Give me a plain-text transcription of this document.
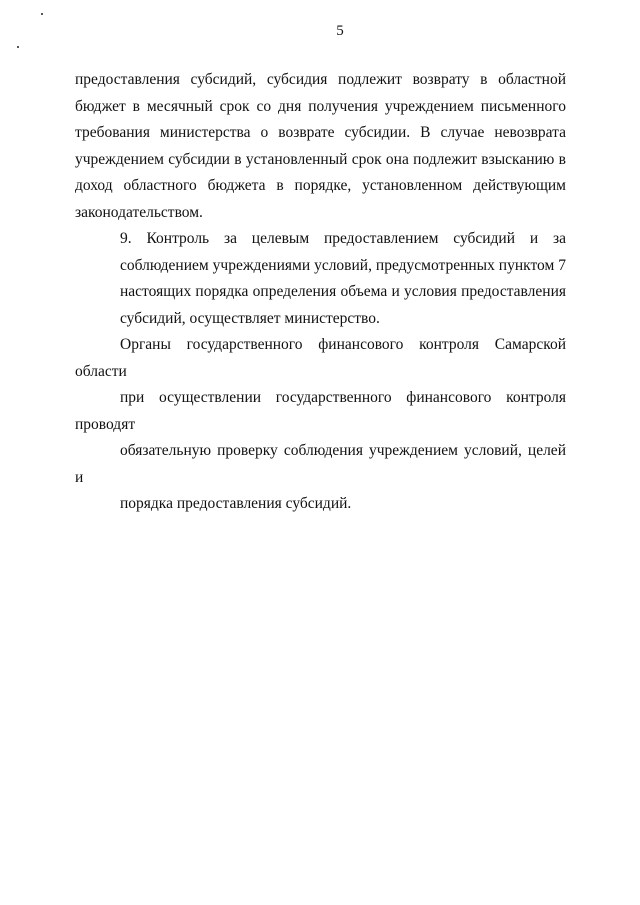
5

предоставления субсидий, субсидия подлежит возврату в областной
бюджет в месячный срок со дня получения учреждением письменного
требования министерства о возврате субсидии. В случае невозврата
учреждением субсидии в установленный срок она подлежит взысканию в
доход областного бюджета в порядке, установленном действующим
законодательством.

9. Контроль за целевым предоставлением субсидий и за
соблюдением учреждениями условий, предусмотренных пунктом 7
настоящих порядка определения объема и условия предоставления
субсидий, осуществляет министерство.

Органы государственного финансового контроля Самарской области
при осуществлении государственного финансового контроля проводят
обязательную проверку соблюдения учреждением условий, целей и
порядка предоставления субсидий.
